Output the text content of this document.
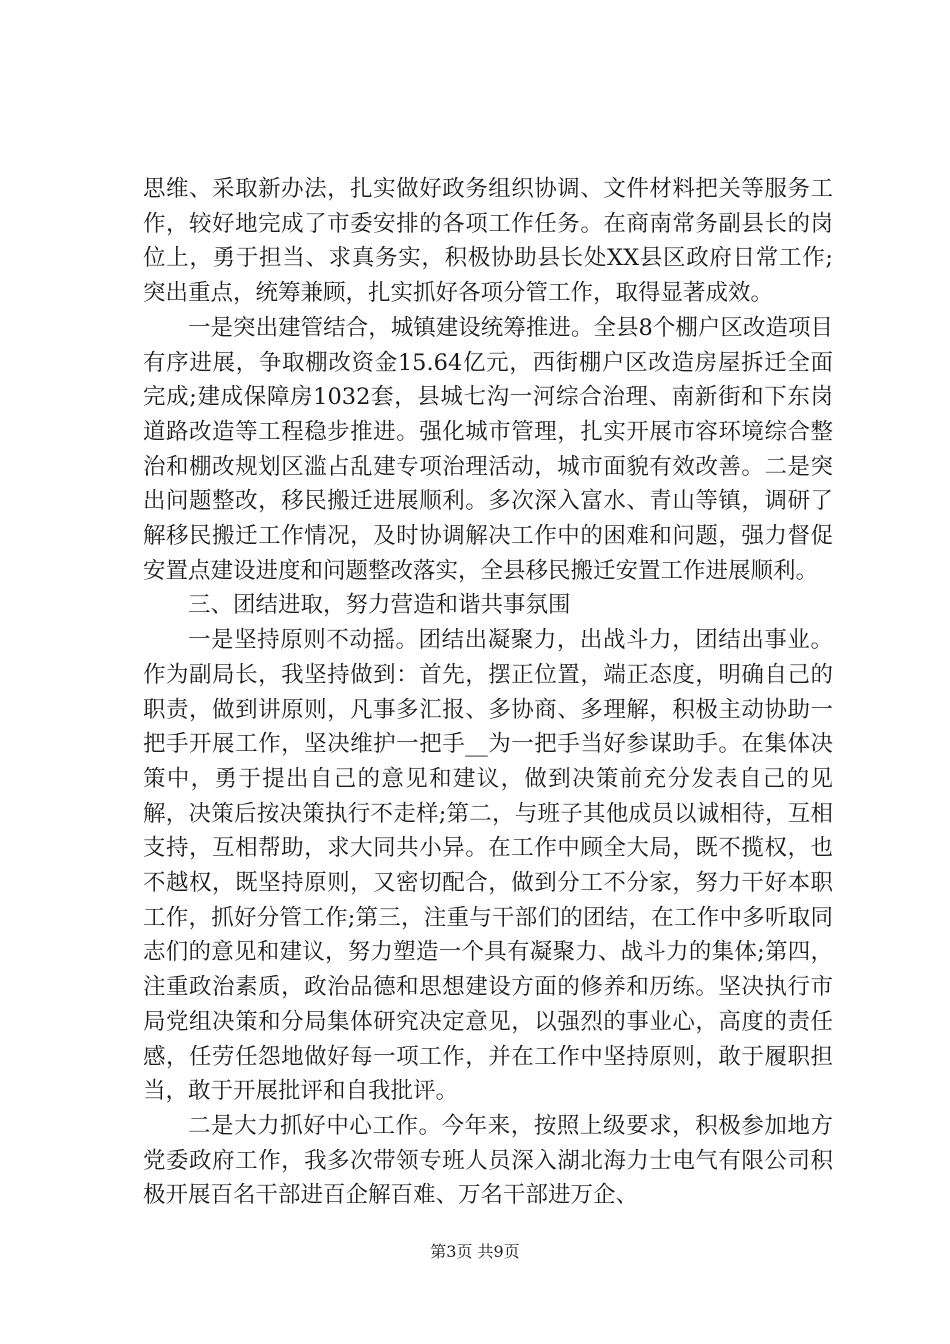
思维、采取新办法，扎实做好政务组织协调、文件材料把关等服务工作，较好地完成了市委安排的各项工作任务。在商南常务副县长的岗位上，勇于担当、求真务实，积极协助县长处XX县区政府日常工作;突出重点，统筹兼顾，扎实抓好各项分管工作，取得显著成效。

一是突出建管结合，城镇建设统筹推进。全县8个棚户区改造项目有序进展，争取棚改资金15.64亿元，西街棚户区改造房屋拆迁全面完成;建成保障房1032套，县城七沟一河综合治理、南新街和下东岗道路改造等工程稳步推进。强化城市管理，扎实开展市容环境综合整治和棚改规划区滥占乱建专项治理活动，城市面貌有效改善。二是突出问题整改，移民搬迁进展顺利。多次深入富水、青山等镇，调研了解移民搬迁工作情况，及时协调解决工作中的困难和问题，强力督促安置点建设进度和问题整改落实，全县移民搬迁安置工作进展顺利。

三、团结进取，努力营造和谐共事氛围

一是坚持原则不动摇。团结出凝聚力，出战斗力，团结出事业。作为副局长，我坚持做到：首先，摆正位置，端正态度，明确自己的职责，做到讲原则，凡事多汇报、多协商、多理解，积极主动协助一把手开展工作，坚决维护一把手__为一把手当好参谋助手。在集体决策中，勇于提出自己的意见和建议，做到决策前充分发表自己的见解，决策后按决策执行不走样;第二，与班子其他成员以诚相待，互相支持，互相帮助，求大同共小异。在工作中顾全大局，既不揽权，也不越权，既坚持原则，又密切配合，做到分工不分家，努力干好本职工作，抓好分管工作;第三，注重与干部们的团结，在工作中多听取同志们的意见和建议，努力塑造一个具有凝聚力、战斗力的集体;第四，注重政治素质，政治品德和思想建设方面的修养和历练。坚决执行市局党组决策和分局集体研究决定意见，以强烈的事业心，高度的责任感，任劳任怨地做好每一项工作，并在工作中坚持原则，敢于履职担当，敢于开展批评和自我批评。

二是大力抓好中心工作。今年来，按照上级要求，积极参加地方党委政府工作，我多次带领专班人员深入湖北海力士电气有限公司积极开展百名干部进百企解百难、万名干部进万企、

第3页 共9页
